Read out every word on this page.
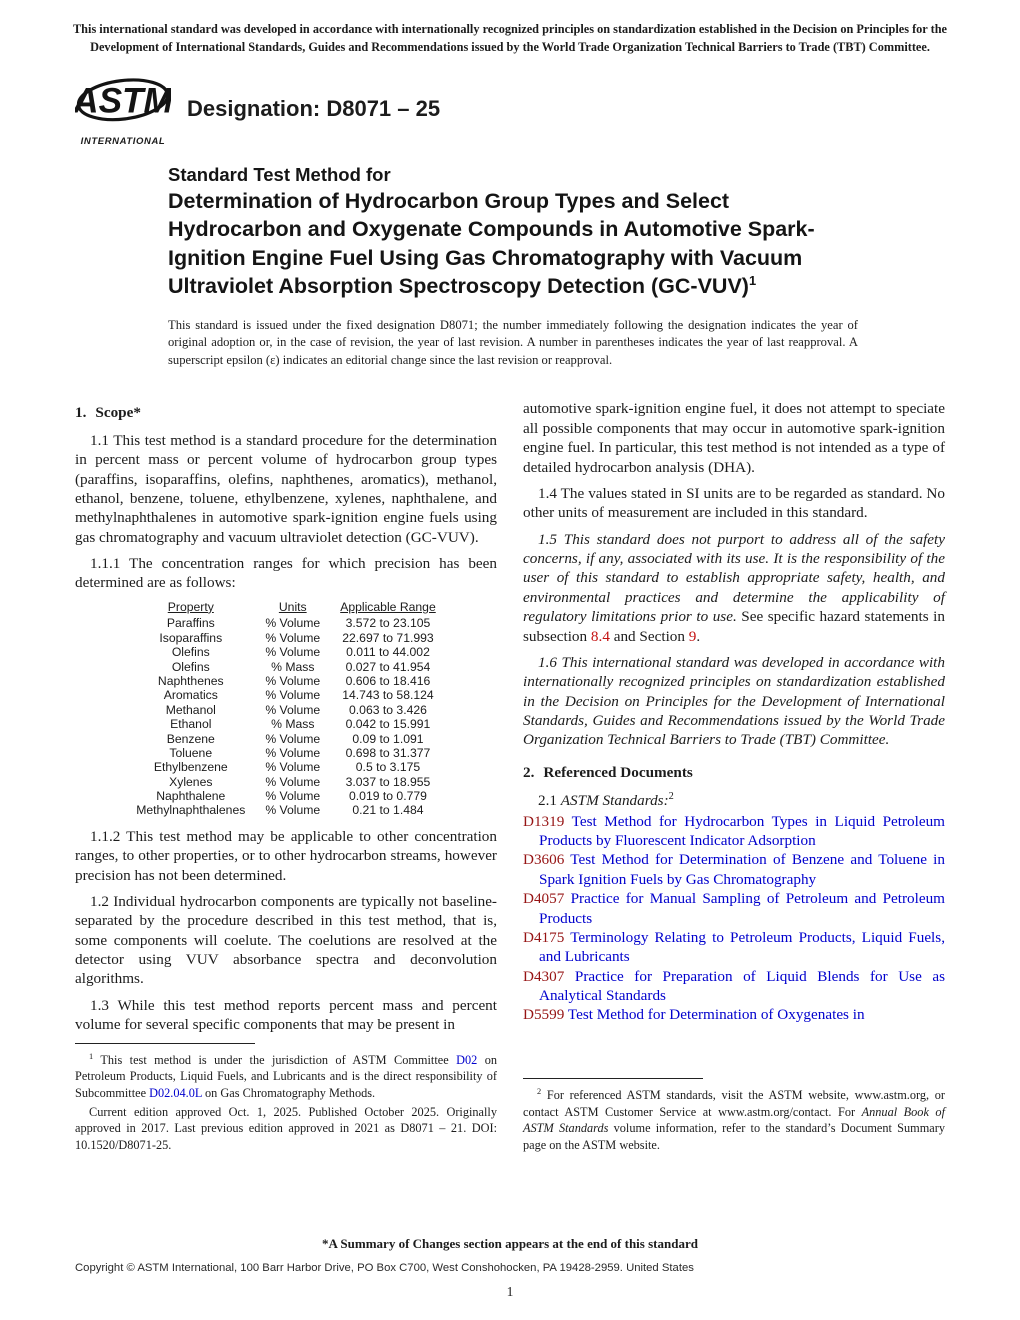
This international standard was developed in accordance with internationally recognized principles on standardization established in the Decision on Principles for the Development of International Standards, Guides and Recommendations issued by the World Trade Organization Technical Barriers to Trade (TBT) Committee.
ASTM
INTERNATIONAL
Designation: D8071 – 25
Standard Test Method for
Determination of Hydrocarbon Group Types and Select Hydrocarbon and Oxygenate Compounds in Automotive Spark-Ignition Engine Fuel Using Gas Chromatography with Vacuum Ultraviolet Absorption Spectroscopy Detection $(GC-VUV)^1$
This standard is issued under the fixed designation D8071; the number immediately following the designation indicates the year of original adoption or, in the case of revision, the year of last revision. A number in parentheses indicates the year of last reapproval. A superscript epsilon (ε) indicates an editorial change since the last revision or reapproval.
1. Scope*

1.1 This test method is a standard procedure for the determination in percent mass or percent volume of hydrocarbon group types (paraffins, isoparaffins, olefins, naphthenes, aromatics), methanol, ethanol, benzene, toluene, ethylbenzene, xylenes, naphthalene, and methylnaphthalenes in automotive spark-ignition engine fuels using gas chromatography and vacuum ultraviolet detection (GC-VUV).

1.1.1 The concentration ranges for which precision has been determined are as follows:

Property	Units	Applicable Range
Paraffins	% Volume	3.572 to 23.105
Isoparaffins	% Volume	22.697 to 71.993
Olefins	% Volume	0.011 to 44.002
Olefins	% Mass	0.027 to 41.954
Naphthenes	% Volume	0.606 to 18.416
Aromatics	% Volume	14.743 to 58.124
Methanol	% Volume	0.063 to 3.426
Ethanol	% Mass	0.042 to 15.991
Benzene	% Volume	0.09 to 1.091
Toluene	% Volume	0.698 to 31.377
Ethylbenzene	% Volume	0.5 to 3.175
Xylenes	% Volume	3.037 to 18.955
Naphthalene	% Volume	0.019 to 0.779
Methylnaphthalenes	% Volume	0.21 to 1.484

1.1.2 This test method may be applicable to other concentration ranges, to other properties, or to other hydrocarbon streams, however precision has not been determined.

1.2 Individual hydrocarbon components are typically not baseline-separated by the procedure described in this test method, that is, some components will coelute. The coelutions are resolved at the detector using VUV absorbance spectra and deconvolution algorithms.

1.3 While this test method reports percent mass and percent volume for several specific components that may be present in

$^1$ This test method is under the jurisdiction of ASTM Committee D02 on Petroleum Products, Liquid Fuels, and Lubricants and is the direct responsibility of Subcommittee D02.04.0L on Gas Chromatography Methods.

Current edition approved Oct. 1, 2025. Published October 2025. Originally approved in 2017. Last previous edition approved in 2021 as D8071 – 21. DOI: 10.1520/D8071-25.

automotive spark-ignition engine fuel, it does not attempt to speciate all possible components that may occur in automotive spark-ignition engine fuel. In particular, this test method is not intended as a type of detailed hydrocarbon analysis (DHA).

1.4 The values stated in SI units are to be regarded as standard. No other units of measurement are included in this standard.

1.5 This standard does not purport to address all of the safety concerns, if any, associated with its use. It is the responsibility of the user of this standard to establish appropriate safety, health, and environmental practices and determine the applicability of regulatory limitations prior to use. See specific hazard statements in subsection 8.4 and Section 9.

1.6 This international standard was developed in accordance with internationally recognized principles on standardization established in the Decision on Principles for the Development of International Standards, Guides and Recommendations issued by the World Trade Organization Technical Barriers to Trade (TBT) Committee.

2. Referenced Documents

2.1 ASTM Standards:$^2$

D1319 Test Method for Hydrocarbon Types in Liquid Petroleum Products by Fluorescent Indicator Adsorption

D3606 Test Method for Determination of Benzene and Toluene in Spark Ignition Fuels by Gas Chromatography

D4057 Practice for Manual Sampling of Petroleum and Petroleum Products

D4175 Terminology Relating to Petroleum Products, Liquid Fuels, and Lubricants

D4307 Practice for Preparation of Liquid Blends for Use as Analytical Standards

D5599 Test Method for Determination of Oxygenates in

$^2$ For referenced ASTM standards, visit the ASTM website, www.astm.org, or contact ASTM Customer Service at www.astm.org/contact. For Annual Book of ASTM Standards volume information, refer to the standard’s Document Summary page on the ASTM website.

*A Summary of Changes section appears at the end of this standard
Copyright © ASTM International, 100 Barr Harbor Drive, PO Box C700, West Conshohocken, PA 19428-2959. United States
1
